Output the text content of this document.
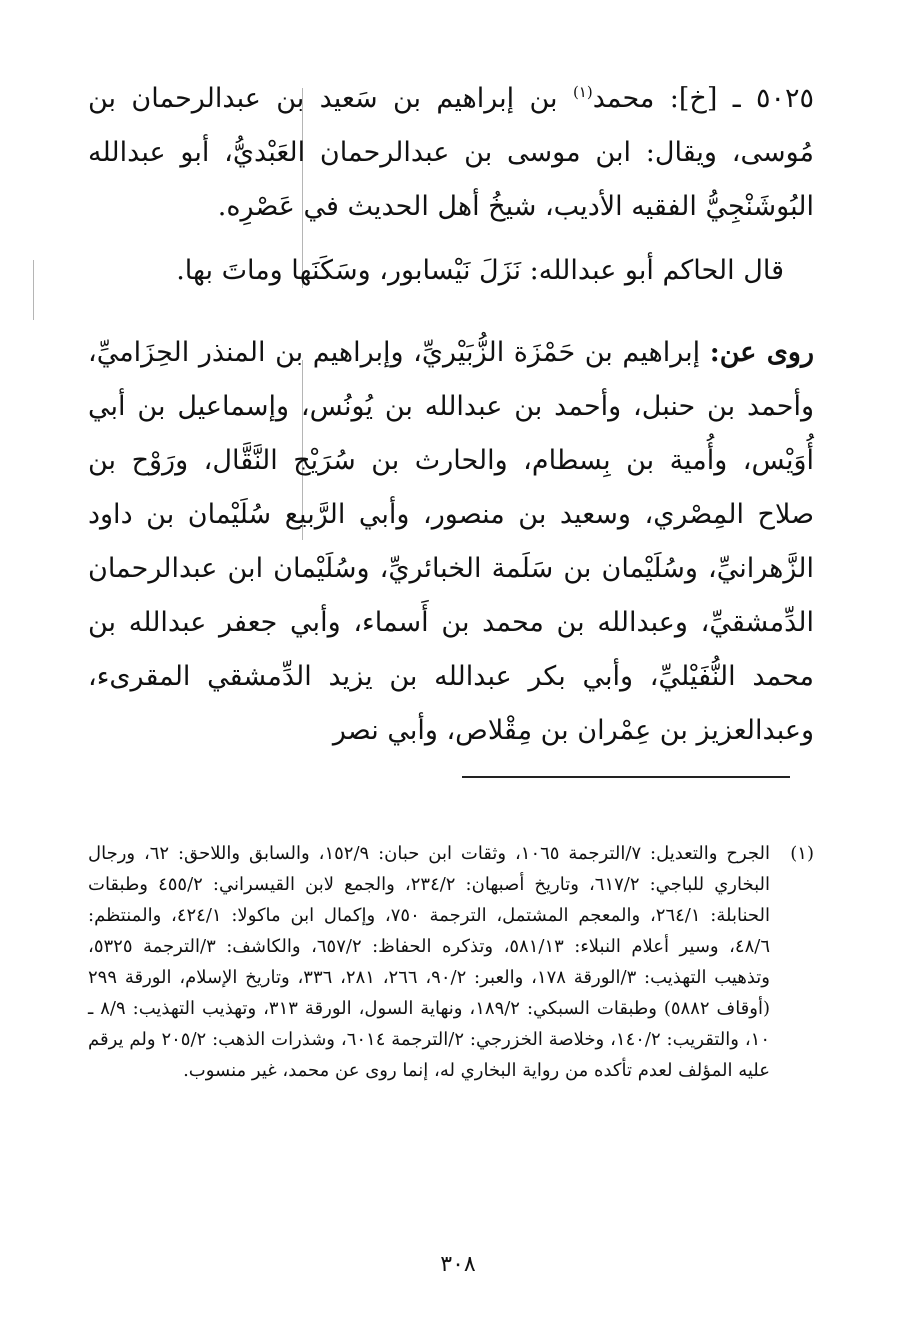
٥٠٢٥ ـ [خ]: محمد$^{(١)}$ بن إبراهيم بن سَعيد بن عبدالرحمان بن مُوسى، ويقال: ابن موسى بن عبدالرحمان العَبْديُّ، أبو عبدالله البُوشَنْجِيُّ الفقيه الأديب، شيخُ أهل الحديث في عَصْرِه.

قال الحاكم أبو عبدالله: نَزَلَ نَيْسابور، وسَكَنَها وماتَ بها.

روى عن: إبراهيم بن حَمْزَة الزُّبَيْريِّ، وإبراهيم بن المنذر الحِزَاميِّ، وأحمد بن حنبل، وأحمد بن عبدالله بن يُونُس، وإسماعيل بن أبي أُوَيْس، وأُمية بن بِسطام، والحارث بن سُرَيْج النَّقَّال، ورَوْح بن صلاح المِصْري، وسعيد بن منصور، وأبي الرَّبيع سُلَيْمان بن داود الزَّهرانيِّ، وسُلَيْمان بن سَلَمة الخبائريِّ، وسُلَيْمان ابن عبدالرحمان الدِّمشقيِّ، وعبدالله بن محمد بن أَسماء، وأبي جعفر عبدالله بن محمد النُّفَيْليِّ، وأبي بكر عبدالله بن يزيد الدِّمشقي المقرىء، وعبدالعزيز بن عِمْران بن مِقْلاص، وأبي نصر

(١)
الجرح والتعديل: ٧/الترجمة ١٠٦٥، وثقات ابن حبان: ١٥٢/٩، والسابق واللاحق: ٦٢، ورجال البخاري للباجي: ٦١٧/٢، وتاريخ أصبهان: ٢٣٤/٢، والجمع لابن القيسراني: ٤٥٥/٢ وطبقات الحنابلة: ٢٦٤/١، والمعجم المشتمل، الترجمة ٧٥٠، وإكمال ابن ماكولا: ٤٢٤/١، والمنتظم: ٤٨/٦، وسير أعلام النبلاء: ٥٨١/١٣، وتذكره الحفاظ: ٦٥٧/٢، والكاشف: ٣/الترجمة ٥٣٢٥، وتذهيب التهذيب: ٣/الورقة ١٧٨، والعبر: ٩٠/٢، ٢٦٦، ٢٨١، ٣٣٦، وتاريخ الإسلام، الورقة ٢٩٩ (أوقاف ٥٨٨٢) وطبقات السبكي: ١٨٩/٢، ونهاية السول، الورقة ٣١٣، وتهذيب التهذيب: ٨/٩ ـ ١٠، والتقريب: ١٤٠/٢، وخلاصة الخزرجي: ٢/الترجمة ٦٠١٤، وشذرات الذهب: ٢٠٥/٢ ولم يرقم عليه المؤلف لعدم تأكده من رواية البخاري له، إنما روى عن محمد، غير منسوب.
٣٠٨
